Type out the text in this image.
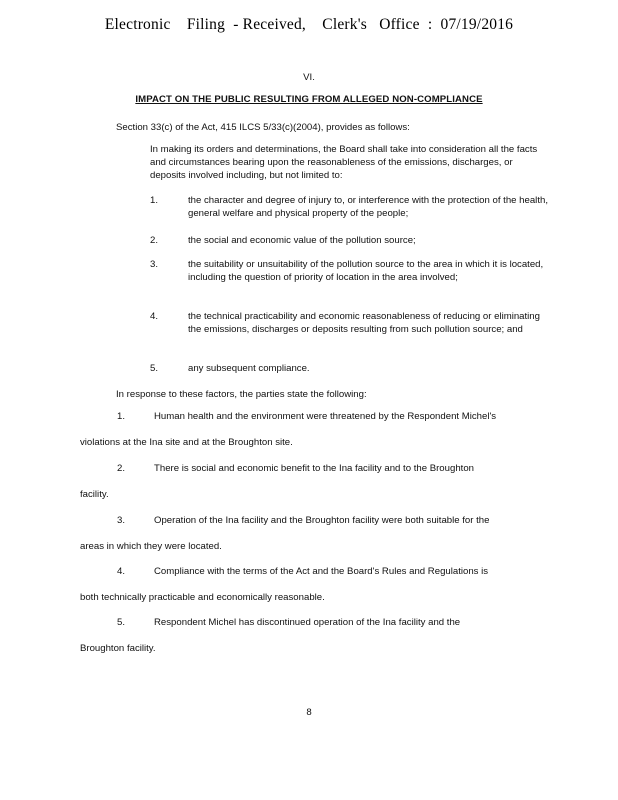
Electronic    Filing  - Received,    Clerk's   Office  :  07/19/2016
VI.
IMPACT ON THE PUBLIC RESULTING FROM ALLEGED NON-COMPLIANCE
Section 33(c) of the Act, 415 ILCS 5/33(c)(2004), provides as follows:
In making its orders and determinations, the Board shall take into consideration all the facts and circumstances bearing upon the reasonableness of the emissions, discharges, or deposits involved including, but not limited to:
1.	the character and degree of injury to, or interference with the protection of the health, general welfare and physical property of the people;
2.	the social and economic value of the pollution source;
3.	the suitability or unsuitability of the pollution source to the area in which it is located, including the question of priority of location in the area involved;
4.	the technical practicability and economic reasonableness of reducing or eliminating the emissions, discharges or deposits resulting from such pollution source; and
5.	any subsequent compliance.
In response to these factors, the parties state the following:
1.	Human health and the environment were threatened by the Respondent Michel's
violations at the Ina site and at the Broughton site.
2.	There is social and economic benefit to the Ina facility and to the Broughton
facility.
3.	Operation of the Ina facility and the Broughton facility were both suitable for the
areas in which they were located.
4.	Compliance with the terms of the Act and the Board's Rules and Regulations is
both technically practicable and economically reasonable.
5.	Respondent Michel has discontinued operation of the Ina facility and the
Broughton facility.
8
